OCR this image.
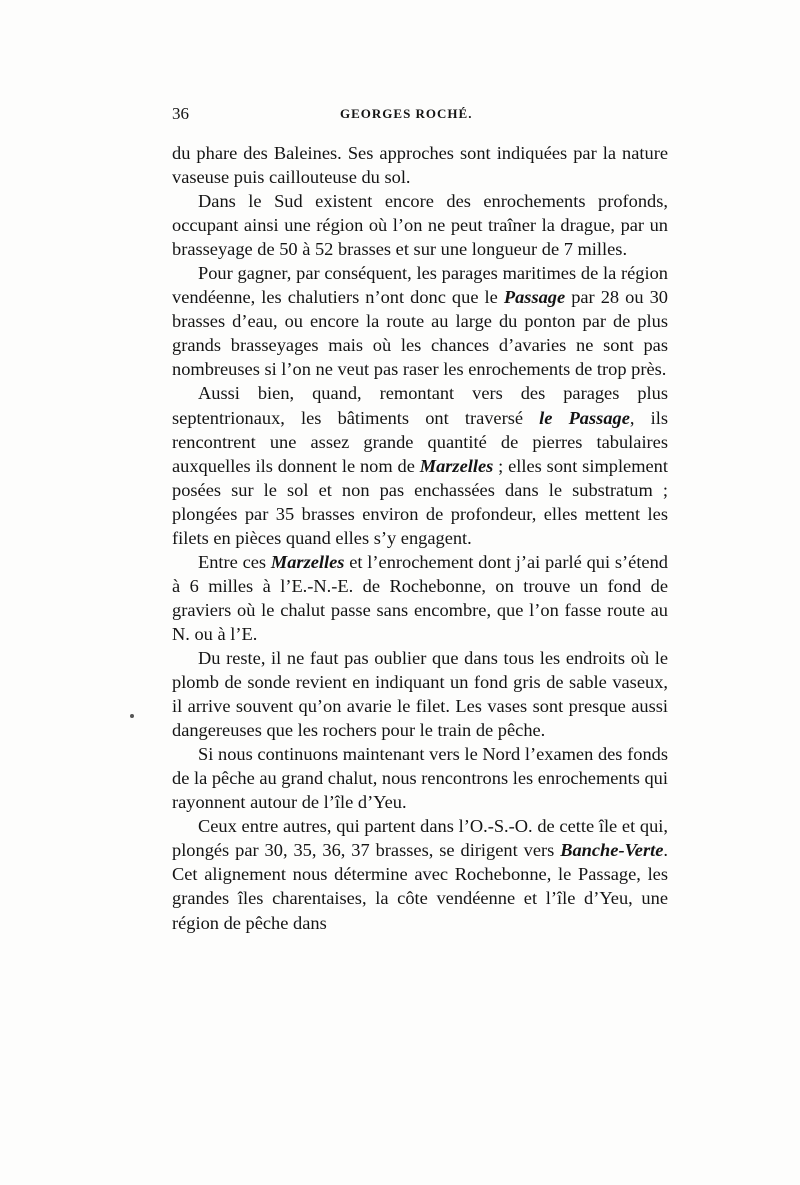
36	GEORGES ROCHÉ.

du phare des Baleines. Ses approches sont indiquées par la nature vaseuse puis caillouteuse du sol.

Dans le Sud existent encore des enrochements profonds, occupant ainsi une région où l’on ne peut traîner la drague, par un brasseyage de 50 à 52 brasses et sur une longueur de 7 milles.

Pour gagner, par conséquent, les parages maritimes de la région vendéenne, les chalutiers n’ont donc que le Passage par 28 ou 30 brasses d’eau, ou encore la route au large du ponton par de plus grands brasseyages mais où les chances d’avaries ne sont pas nombreuses si l’on ne veut pas raser les enrochements de trop près.

Aussi bien, quand, remontant vers des parages plus septentrionaux, les bâtiments ont traversé le Passage, ils rencontrent une assez grande quantité de pierres tabulaires auxquelles ils donnent le nom de Marzelles ; elles sont simplement posées sur le sol et non pas enchassées dans le substratum ; plongées par 35 brasses environ de profondeur, elles mettent les filets en pièces quand elles s’y engagent.

Entre ces Marzelles et l’enrochement dont j’ai parlé qui s’étend à 6 milles à l’E.-N.-E. de Rochebonne, on trouve un fond de graviers où le chalut passe sans encombre, que l’on fasse route au N. ou à l’E.

Du reste, il ne faut pas oublier que dans tous les endroits où le plomb de sonde revient en indiquant un fond gris de sable vaseux, il arrive souvent qu’on avarie le filet. Les vases sont presque aussi dangereuses que les rochers pour le train de pêche.

Si nous continuons maintenant vers le Nord l’examen des fonds de la pêche au grand chalut, nous rencontrons les enrochements qui rayonnent autour de l’île d’Yeu.

Ceux entre autres, qui partent dans l’O.-S.-O. de cette île et qui, plongés par 30, 35, 36, 37 brasses, se dirigent vers Banche-Verte. Cet alignement nous détermine avec Rochebonne, le Passage, les grandes îles charentaises, la côte vendéenne et l’île d’Yeu, une région de pêche dans
